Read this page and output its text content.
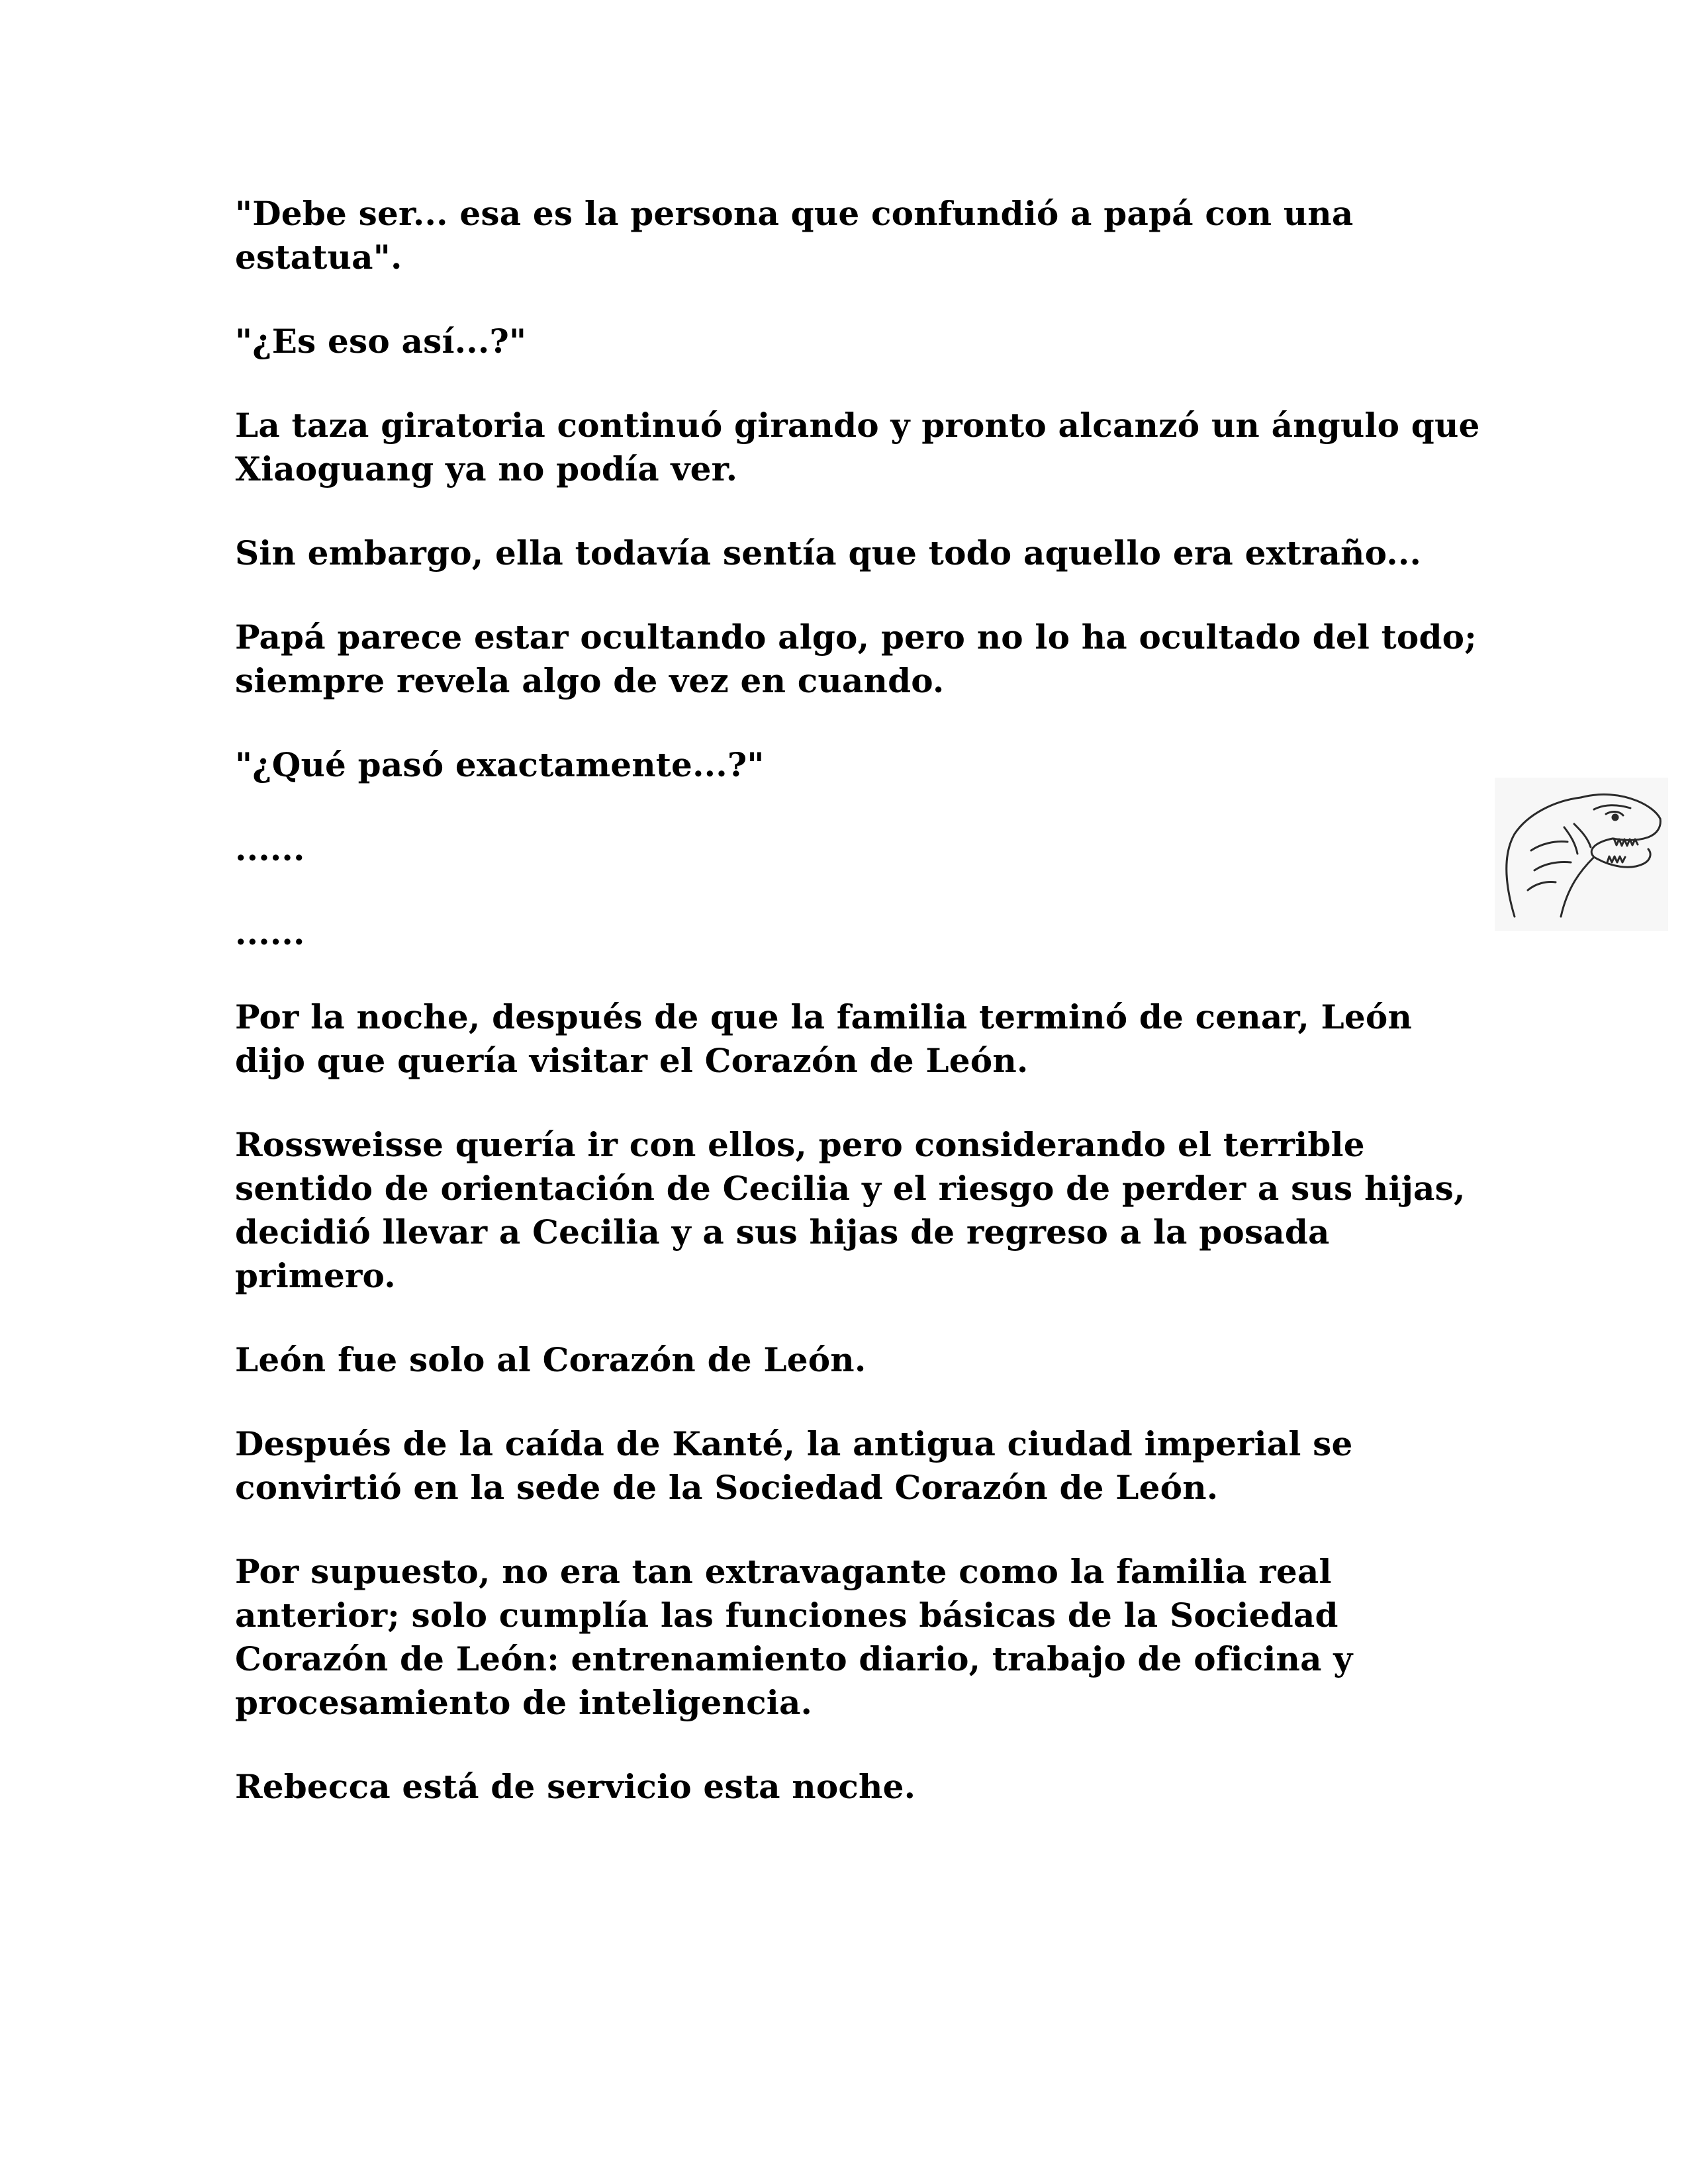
"Debe ser... esa es la persona que confundió a papá con una estatua".

"¿Es eso así...?"

La taza giratoria continuó girando y pronto alcanzó un ángulo que Xiaoguang ya no podía ver.

Sin embargo, ella todavía sentía que todo aquello era extraño...

Papá parece estar ocultando algo, pero no lo ha ocultado del todo; siempre revela algo de vez en cuando.

"¿Qué pasó exactamente...?"

......

......

Por la noche, después de que la familia terminó de cenar, León dijo que quería visitar el Corazón de León.

Rossweisse quería ir con ellos, pero considerando el terrible sentido de orientación de Cecilia y el riesgo de perder a sus hijas, decidió llevar a Cecilia y a sus hijas de regreso a la posada primero.

León fue solo al Corazón de León.

Después de la caída de Kanté, la antigua ciudad imperial se convirtió en la sede de la Sociedad Corazón de León.

Por supuesto, no era tan extravagante como la familia real anterior; solo cumplía las funciones básicas de la Sociedad Corazón de León: entrenamiento diario, trabajo de oficina y procesamiento de inteligencia.

Rebecca está de servicio esta noche.
